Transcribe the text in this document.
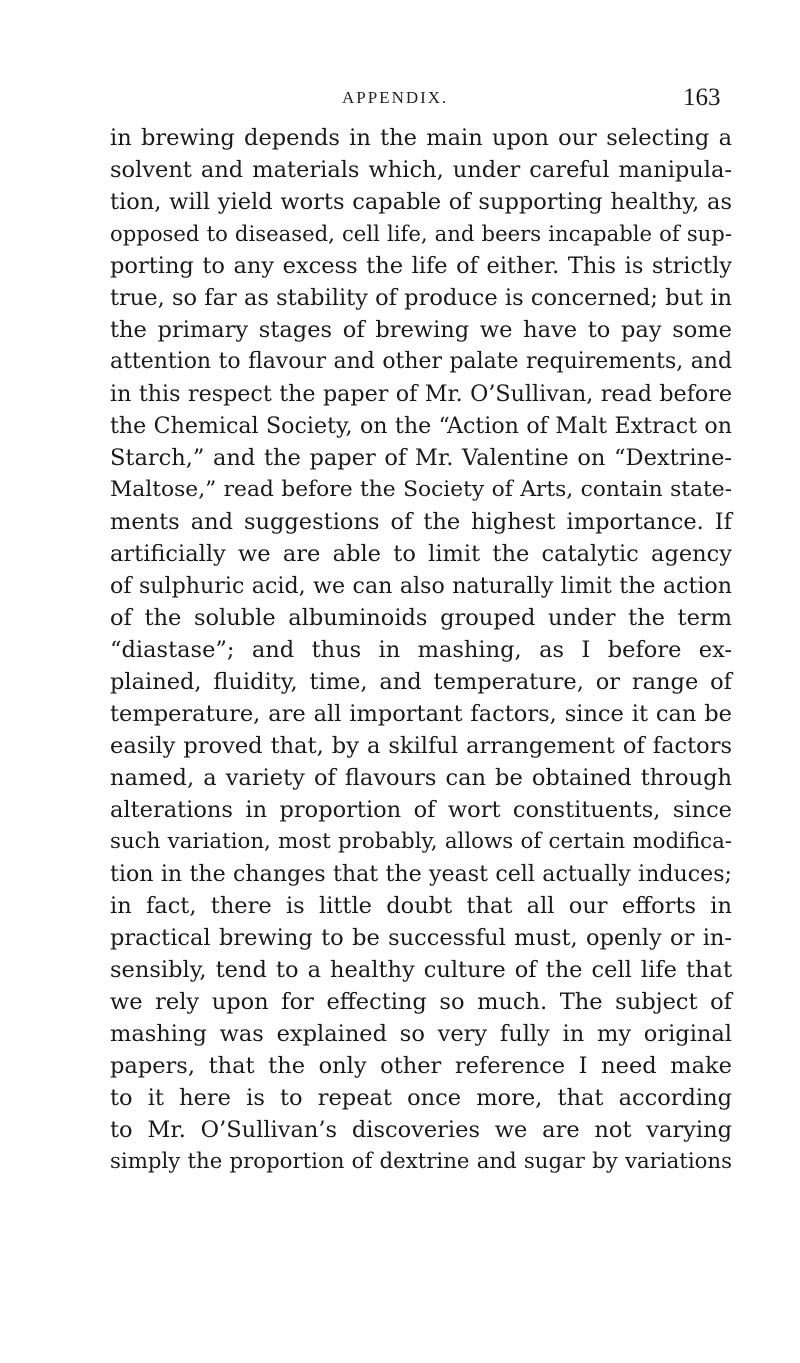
APPENDIX.	163
in brewing depends in the main upon our selecting a
solvent and materials which, under careful manipula-
tion, will yield worts capable of supporting healthy, as
opposed to diseased, cell life, and beers incapable of sup-
porting to any excess the life of either. This is strictly
true, so far as stability of produce is concerned; but in
the primary stages of brewing we have to pay some
attention to flavour and other palate requirements, and
in this respect the paper of Mr. O’Sullivan, read before
the Chemical Society, on the “Action of Malt Extract on
Starch,” and the paper of Mr. Valentine on “Dextrine-
Maltose,” read before the Society of Arts, contain state-
ments and suggestions of the highest importance. If
artificially we are able to limit the catalytic agency
of sulphuric acid, we can also naturally limit the action
of the soluble albuminoids grouped under the term
“diastase”; and thus in mashing, as I before ex-
plained, fluidity, time, and temperature, or range of
temperature, are all important factors, since it can be
easily proved that, by a skilful arrangement of factors
named, a variety of flavours can be obtained through
alterations in proportion of wort constituents, since
such variation, most probably, allows of certain modifica-
tion in the changes that the yeast cell actually induces;
in fact, there is little doubt that all our efforts in
practical brewing to be successful must, openly or in-
sensibly, tend to a healthy culture of the cell life that
we rely upon for effecting so much. The subject of
mashing was explained so very fully in my original
papers, that the only other reference I need make
to it here is to repeat once more, that according
to Mr. O’Sullivan’s discoveries we are not varying
simply the proportion of dextrine and sugar by variations
